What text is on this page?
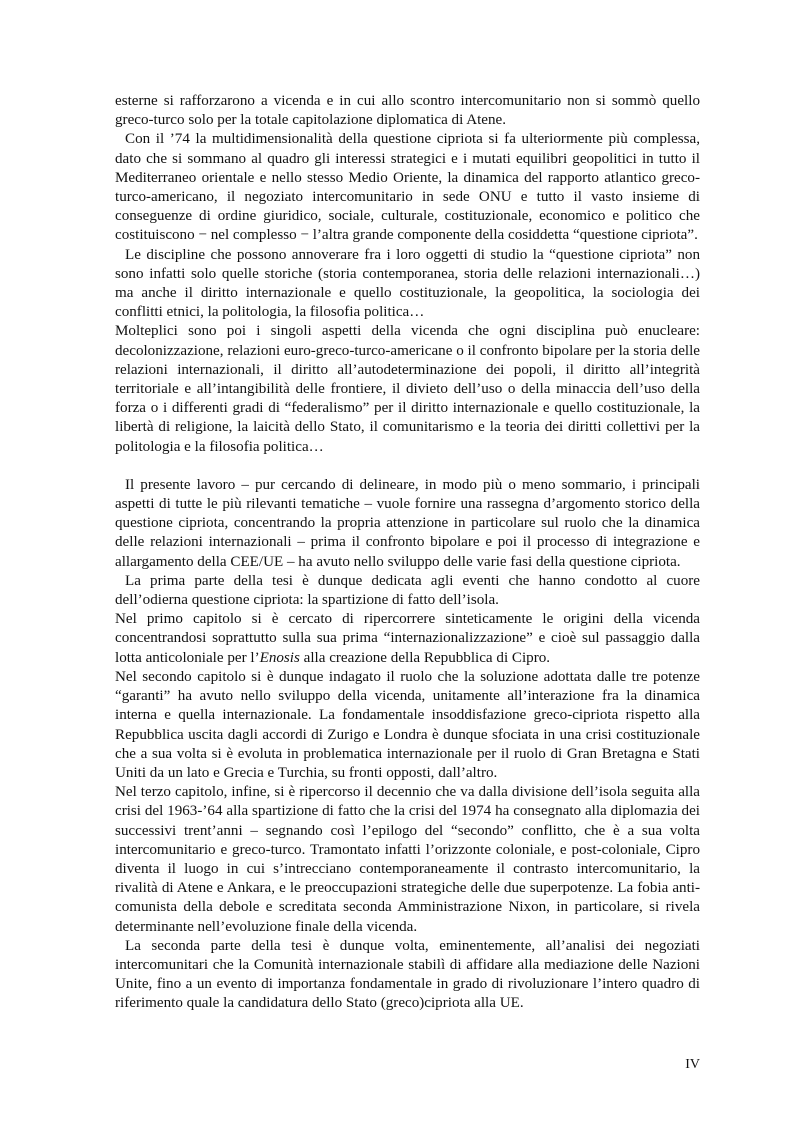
esterne si rafforzarono a vicenda e in cui allo scontro intercomunitario non si sommò quello greco-turco solo per la totale capitolazione diplomatica di Atene.

Con il ’74 la multidimensionalità della questione cipriota si fa ulteriormente più complessa, dato che si sommano al quadro gli interessi strategici e i mutati equilibri geopolitici in tutto il Mediterraneo orientale e nello stesso Medio Oriente, la dinamica del rapporto atlantico greco-turco-americano, il negoziato intercomunitario in sede ONU e tutto il vasto insieme di conseguenze di ordine giuridico, sociale, culturale, costituzionale, economico e politico che costituiscono − nel complesso − l’altra grande componente della cosiddetta “questione cipriota”.

Le discipline che possono annoverare fra i loro oggetti di studio la “questione cipriota” non sono infatti solo quelle storiche (storia contemporanea, storia delle relazioni internazionali…) ma anche il diritto internazionale e quello costituzionale, la geopolitica, la sociologia dei conflitti etnici, la politologia, la filosofia politica…

Molteplici sono poi i singoli aspetti della vicenda che ogni disciplina può enucleare: decolonizzazione, relazioni euro-greco-turco-americane o il confronto bipolare per la storia delle relazioni internazionali, il diritto all’autodeterminazione dei popoli, il diritto all’integrità territoriale e all’intangibilità delle frontiere, il divieto dell’uso o della minaccia dell’uso della forza o i differenti gradi di “federalismo” per il diritto internazionale e quello costituzionale, la libertà di religione, la laicità dello Stato, il comunitarismo e la teoria dei diritti collettivi per la politologia e la filosofia politica…

Il presente lavoro – pur cercando di delineare, in modo più o meno sommario, i principali aspetti di tutte le più rilevanti tematiche – vuole fornire una rassegna d’argomento storico della questione cipriota, concentrando la propria attenzione in particolare sul ruolo che la dinamica delle relazioni internazionali – prima il confronto bipolare e poi il processo di integrazione e allargamento della CEE/UE – ha avuto nello sviluppo delle varie fasi della questione cipriota.

La prima parte della tesi è dunque dedicata agli eventi che hanno condotto al cuore dell’odierna questione cipriota: la spartizione di fatto dell’isola.

Nel primo capitolo si è cercato di ripercorrere sinteticamente le origini della vicenda concentrandosi soprattutto sulla sua prima “internazionalizzazione” e cioè sul passaggio dalla lotta anticoloniale per l’Enosis alla creazione della Repubblica di Cipro.

Nel secondo capitolo si è dunque indagato il ruolo che la soluzione adottata dalle tre potenze “garanti” ha avuto nello sviluppo della vicenda, unitamente all’interazione fra la dinamica interna e quella internazionale. La fondamentale insoddisfazione greco-cipriota rispetto alla Repubblica uscita dagli accordi di Zurigo e Londra è dunque sfociata in una crisi costituzionale che a sua volta si è evoluta in problematica internazionale per il ruolo di Gran Bretagna e Stati Uniti da un lato e Grecia e Turchia, su fronti opposti, dall’altro.

Nel terzo capitolo, infine, si è ripercorso il decennio che va dalla divisione dell’isola seguita alla crisi del 1963-’64 alla spartizione di fatto che la crisi del 1974 ha consegnato alla diplomazia dei successivi trent’anni – segnando così l’epilogo del “secondo” conflitto, che è a sua volta intercomunitario e greco-turco. Tramontato infatti l’orizzonte coloniale, e post-coloniale, Cipro diventa il luogo in cui s’intrecciano contemporaneamente il contrasto intercomunitario, la rivalità di Atene e Ankara, e le preoccupazioni strategiche delle due superpotenze. La fobia anti-comunista della debole e screditata seconda Amministrazione Nixon, in particolare, si rivela determinante nell’evoluzione finale della vicenda.

La seconda parte della tesi è dunque volta, eminentemente, all’analisi dei negoziati intercomunitari che la Comunità internazionale stabilì di affidare alla mediazione delle Nazioni Unite, fino a un evento di importanza fondamentale in grado di rivoluzionare l’intero quadro di riferimento quale la candidatura dello Stato (greco)cipriota alla UE.

IV
